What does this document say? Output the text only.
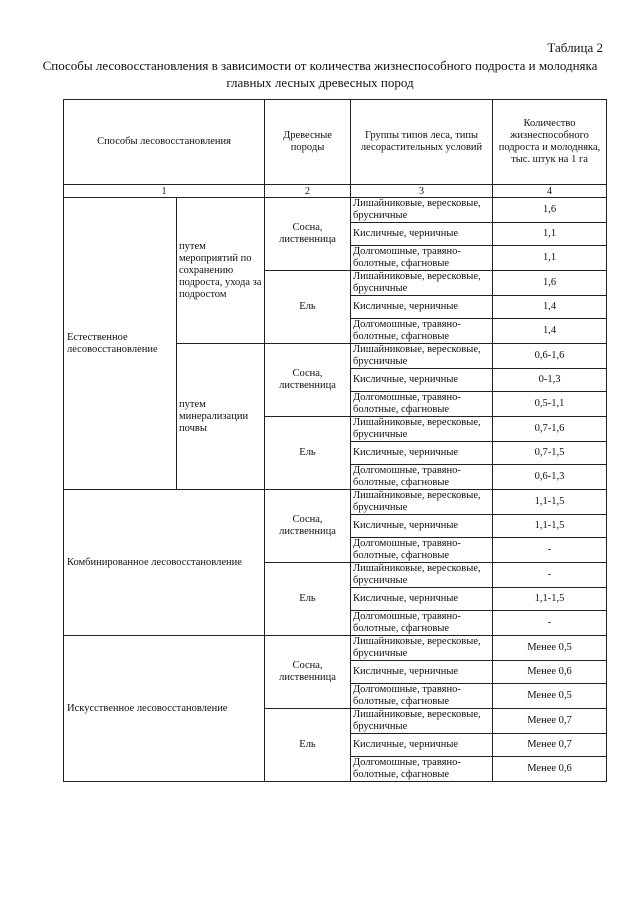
Таблица 2
Способы лесовосстановления в зависимости от количества жизнеспособного подроста и молодняка главных лесных древесных пород
Способы лесовосстановления		Древесные породы	Группы типов леса, типы лесорастительных условий	Количество жизнеспособного подроста и молодняка, тыс. штук на 1 га
1		2	3	4
Естественное лесовосстановление	путем мероприятий по сохранению подроста, ухода за подростом	Сосна, лиственница	Лишайниковые, вересковые, брусничные	1,6
			Кисличные, черничные	1,1
			Долгомошные, травяно-болотные, сфагновые	1,1
		Ель	Лишайниковые, вересковые, брусничные	1,6
			Кисличные, черничные	1,4
			Долгомошные, травяно-болотные, сфагновые	1,4
	путем минерализации почвы	Сосна, лиственница	Лишайниковые, вересковые, брусничные	0,6-1,6
			Кисличные, черничные	0-1,3
			Долгомошные, травяно-болотные, сфагновые	0,5-1,1
		Ель	Лишайниковые, вересковые, брусничные	0,7-1,6
			Кисличные, черничные	0,7-1,5
			Долгомошные, травяно-болотные, сфагновые	0,6-1,3
Комбинированное лесовосстановление		Сосна, лиственница	Лишайниковые, вересковые, брусничные	1,1-1,5
			Кисличные, черничные	1,1-1,5
			Долгомошные, травяно-болотные, сфагновые	-
		Ель	Лишайниковые, вересковые, брусничные	-
			Кисличные, черничные	1,1-1,5
			Долгомошные, травяно-болотные, сфагновые	-
Искусственное лесовосстановление		Сосна, лиственница	Лишайниковые, вересковые, брусничные	Менее 0,5
			Кисличные, черничные	Менее 0,6
			Долгомошные, травяно-болотные, сфагновые	Менее 0,5
		Ель	Лишайниковые, вересковые, брусничные	Менее 0,7
			Кисличные, черничные	Менее 0,7
			Долгомошные, травяно-болотные, сфагновые	Менее 0,6
